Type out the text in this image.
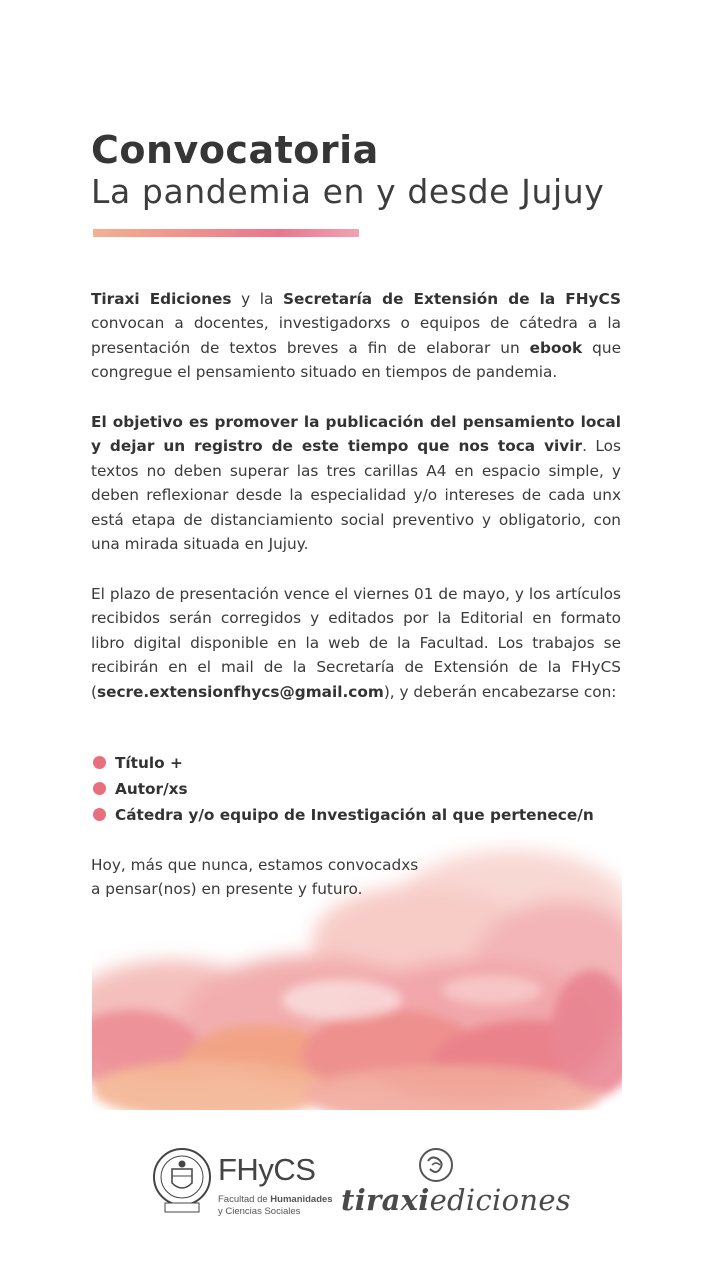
Convocatoria
La pandemia en y desde Jujuy
Tiraxi Ediciones y la Secretaría de Extensión de la FHyCS convocan a docentes, investigadorxs o equipos de cátedra a la presentación de textos breves a fin de elaborar un ebook que congregue el pensamiento situado en tiempos de pandemia.
El objetivo es promover la publicación del pensamiento local y dejar un registro de este tiempo que nos toca vivir. Los textos no deben superar las tres carillas A4 en espacio simple, y deben reflexionar desde la especialidad y/o intereses de cada unx está etapa de distanciamiento social preventivo y obligatorio, con una mirada situada en Jujuy.
El plazo de presentación vence el viernes 01 de mayo, y los artículos recibidos serán corregidos y editados por la Editorial en formato libro digital disponible en la web de la Facultad. Los trabajos se recibirán en el mail de la Secretaría de Extensión de la FHyCS (secre.extensionfhycs@gmail.com), y deberán encabezarse con:
Título +
Autor/xs
Cátedra y/o equipo de Investigación al que pertenece/n
Hoy, más que nunca, estamos convocadxs
a pensar(nos) en presente y futuro.
FHyCS
Facultad de Humanidades
y Ciencias Sociales tiraxiediciones
